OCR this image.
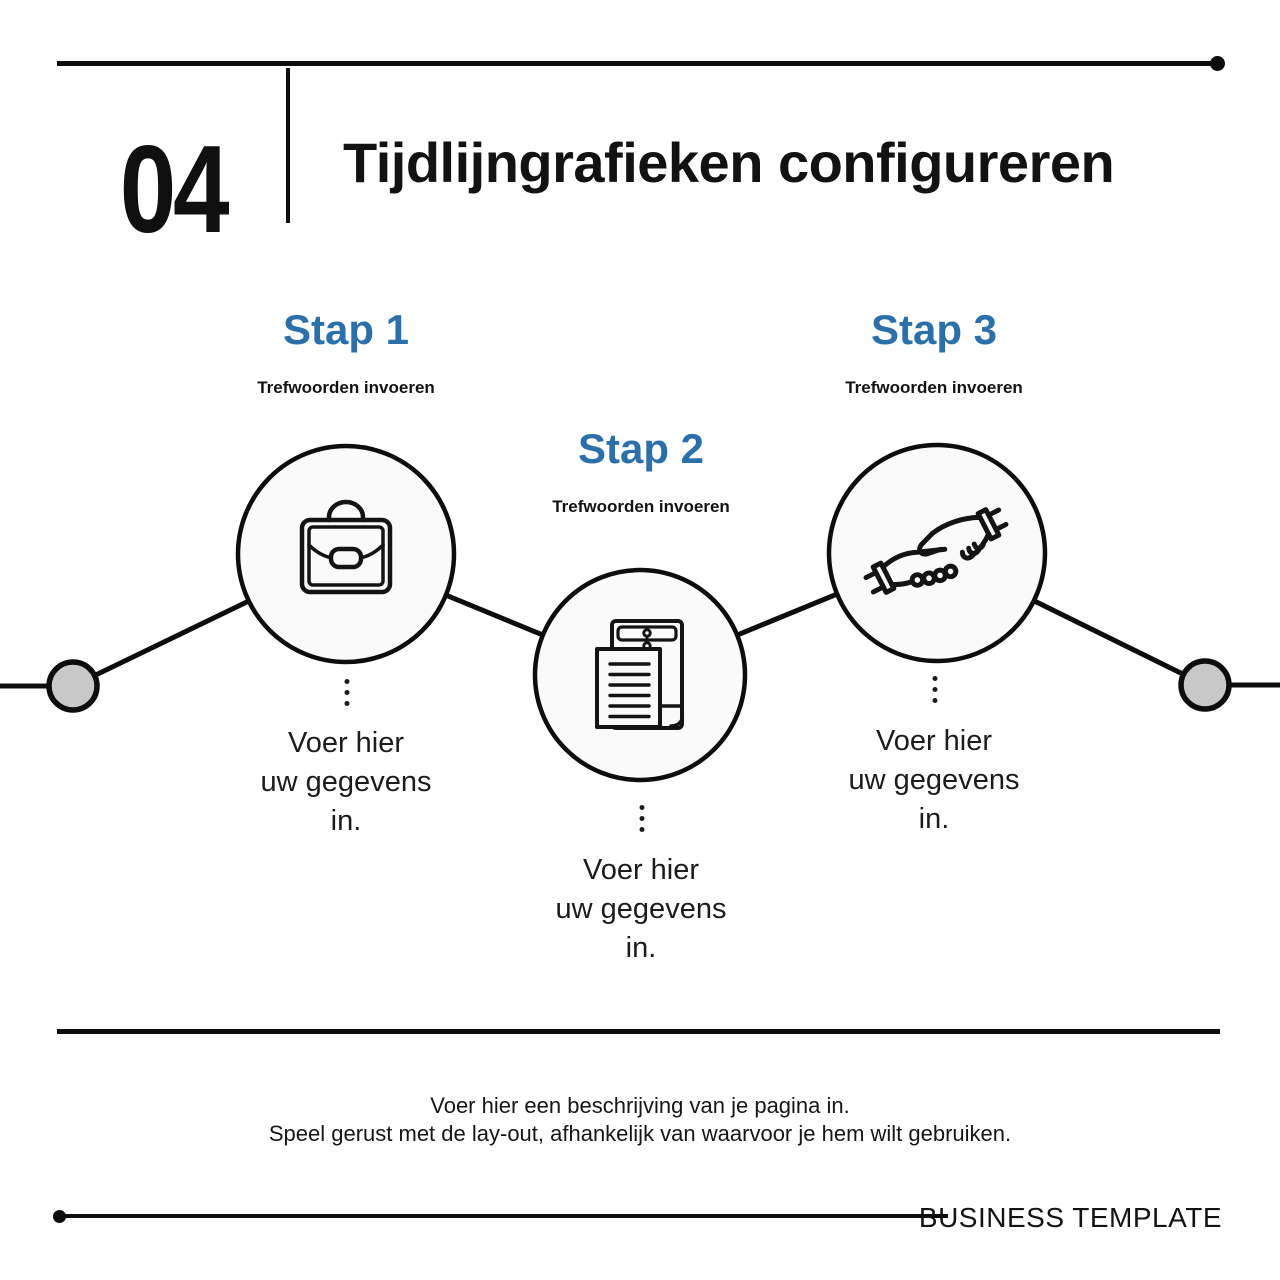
04 Tijdlijngrafieken configureren
Stap 1
Trefwoorden invoeren
Voer hier
uw gegevens
in.
Stap 2
Trefwoorden invoeren
Voer hier
uw gegevens
in.
Stap 3
Trefwoorden invoeren
Voer hier
uw gegevens
in.
Voer hier een beschrijving van je pagina in.
Speel gerust met de lay-out, afhankelijk van waarvoor je hem wilt gebruiken.
BUSINESS TEMPLATE
